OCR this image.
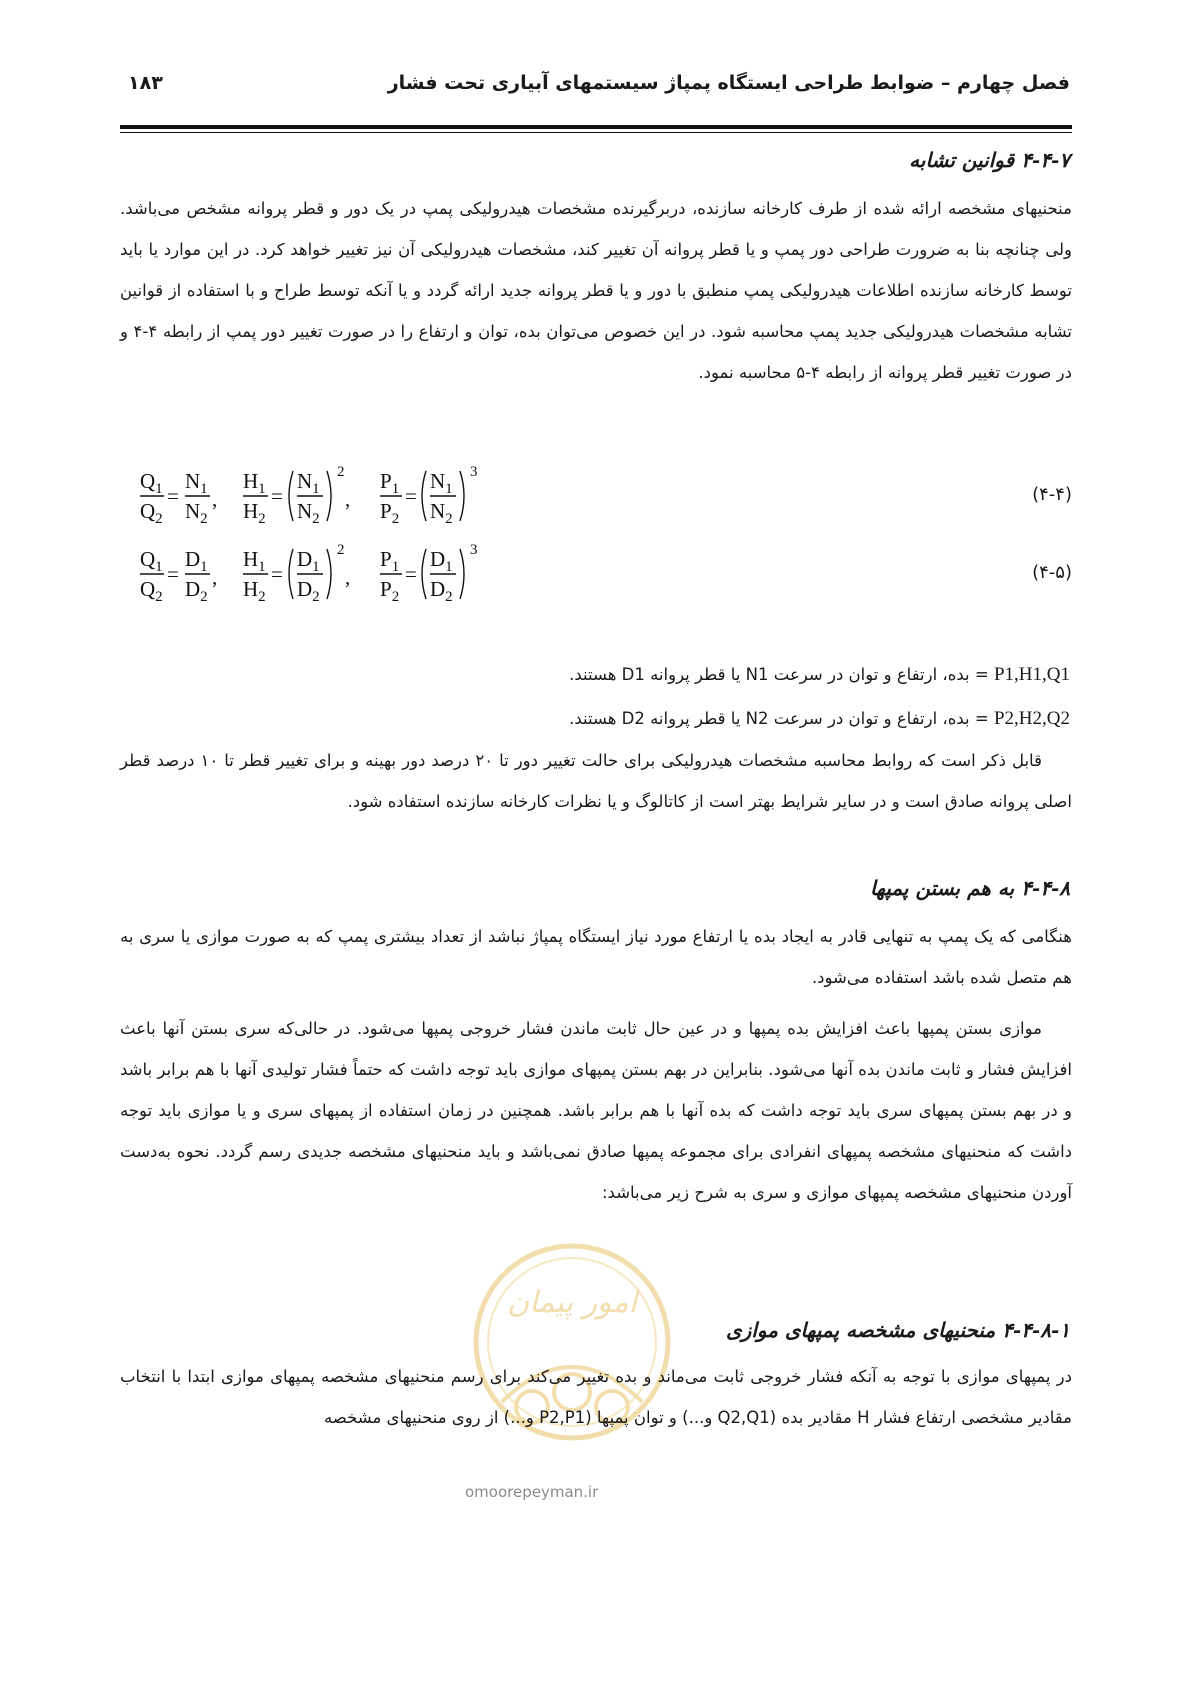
فصل چهارم – ضوابط طراحی ایستگاه پمپاژ سیستمهای آبیاری تحت فشار
۱۸۳
۴-۴-۷ قوانین تشابه

منحنیهای مشخصه ارائه شده از طرف کارخانه سازنده، دربرگیرنده مشخصات هیدرولیکی پمپ در یک دور و قطر پروانه مشخص می‌باشد. ولی چنانچه بنا به ضرورت طراحی دور پمپ و یا قطر پروانه آن تغییر کند، مشخصات هیدرولیکی آن نیز تغییر خواهد کرد. در این موارد یا باید توسط کارخانه سازنده اطلاعات هیدرولیکی پمپ منطبق با دور و یا قطر پروانه جدید ارائه گردد و یا آنکه توسط طراح و با استفاده از قوانین تشابه مشخصات هیدرولیکی جدید پمپ محاسبه شود. در این خصوص می‌توان بده، توان و ارتفاع را در صورت تغییر دور پمپ از رابطه ۴-۴ و در صورت تغییر قطر پروانه از رابطه ۴-۵ محاسبه نمود.

$Q_1$
$Q_2$
=
$N_1$
$N_2$
,
$H_1$
$H_2$
=
$N_1$
$N_2$
2
,
$P_1$
$P_2$
=
$N_1$
$N_2$
3
(۴-۴)
$Q_1$
$Q_2$
=
$D_1$
$D_2$
,
$H_1$
$H_2$
=
$D_1$
$D_2$
2
,
$P_1$
$P_2$
=
$D_1$
$D_2$
3
(۴-۵)
P1,H1,Q1 = بده، ارتفاع و توان در سرعت N1 یا قطر پروانه D1 هستند.
P2,H2,Q2 = بده، ارتفاع و توان در سرعت N2 یا قطر پروانه D2 هستند.

قابل ذکر است که روابط محاسبه مشخصات هیدرولیکی برای حالت تغییر دور تا ۲۰ درصد دور بهینه و برای تغییر قطر تا ۱۰ درصد قطر اصلی پروانه صادق است و در سایر شرایط بهتر است از کاتالوگ و یا نظرات کارخانه سازنده استفاده شود.

۴-۴-۸ به هم بستن پمپها

هنگامی که یک پمپ به تنهایی قادر به ایجاد بده یا ارتفاع مورد نیاز ایستگاه پمپاژ نباشد از تعداد بیشتری پمپ که به صورت موازی یا سری به هم متصل شده باشد استفاده می‌شود.

موازی بستن پمپها باعث افزایش بده پمپها و در عین حال ثابت ماندن فشار خروجی پمپها می‌شود. در حالی‌که سری بستن آنها باعث افزایش فشار و ثابت ماندن بده آنها می‌شود. بنابراین در بهم بستن پمپهای موازی باید توجه داشت که حتماً فشار تولیدی آنها با هم برابر باشد و در بهم بستن پمپهای سری باید توجه داشت که بده آنها با هم برابر باشد. همچنین در زمان استفاده از پمپهای سری و یا موازی باید توجه داشت که منحنیهای مشخصه پمپهای انفرادی برای مجموعه پمپها صادق نمی‌باشد و باید منحنیهای مشخصه جدیدی رسم گردد. نحوه به‌دست آوردن منحنیهای مشخصه پمپهای موازی و سری به شرح زیر می‌باشد:

امور پیمان
omoorepeyman.ir
۴-۴-۸-۱ منحنیهای مشخصه پمپهای موازی

در پمپهای موازی با توجه به آنکه فشار خروجی ثابت می‌ماند و بده تغییر می‌کند برای رسم منحنیهای مشخصه پمپهای موازی ابتدا با انتخاب مقادیر مشخصی ارتفاع فشار H مقادیر بده (Q2,Q1 و...) و توان پمپها (P2,P1 و...) از روی منحنیهای مشخصه
